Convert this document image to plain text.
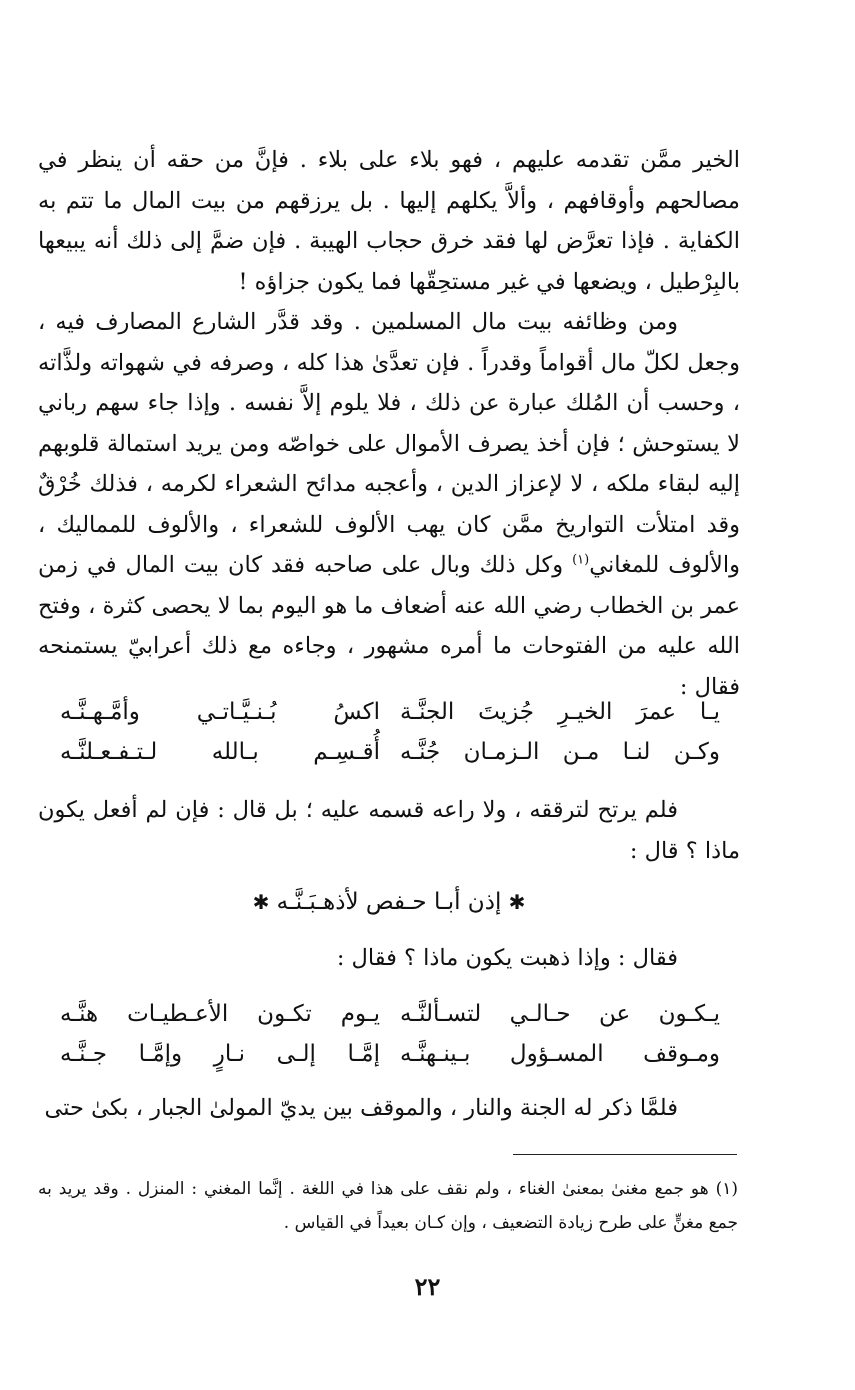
الخير ممَّن تقدمه عليهم ، فهو بلاء على بلاء . فإنَّ من حقه أن ينظر في مصالحهم وأوقافهم ، وألاَّ يكلهم إليها . بل يرزقهم من بيت المال ما تتم به الكفاية . فإذا تعرَّض لها فقد خرق حجاب الهيبة . فإن ضمَّ إلى ذلك أنه يبيعها بالبِرْطيل ، ويضعها في غير مستحِقّها فما يكون جزاؤه !

ومن وظائفه بيت مال المسلمين . وقد قدَّر الشارع المصارف فيه ، وجعل لكلّ مال أقواماً وقدراً . فإن تعدَّىٰ هذا كله ، وصرفه في شهواته ولذَّاته ، وحسب أن المُلك عبارة عن ذلك ، فلا يلوم إلاَّ نفسه . وإذا جاء سهم رباني لا يستوحش ؛ فإن أخذ يصرف الأموال على خواصّه ومن يريد استمالة قلوبهم إليه لبقاء ملكه ، لا لإعزاز الدين ، وأعجبه مدائح الشعراء لكرمه ، فذلك خُرْقٌ وقد امتلأت التواريخ ممَّن كان يهب الألوف للشعراء ، والألوف للمماليك ، والألوف للمغاني$^{(١)}$ وكل ذلك وبال على صاحبه فقد كان بيت المال في زمن عمر بن الخطاب رضي الله عنه أضعاف ما هو اليوم بما لا يحصى كثرة ، وفتح الله عليه من الفتوحات ما أمره مشهور ، وجاءه مع ذلك أعرابيّ يستمنحه فقال :

يـا عمرَ الخيـرِ جُزيتَ الجنَّـة
اكسُ بُـنـيَّـاتـي وأمَّـهـنَّـه
وكـن لنـا مـن الـزمـان جُنَّـه
أُقـسِـم بـالله لـتـفـعـلنَّـه

فلم يرتح لترققه ، ولا راعه قسمه عليه ؛ بل قال : فإن لم أفعل يكون ماذا ؟ قال :

✱ إذن أبـا حـفص لأذهـبَـنَّـه ✱

فقال : وإذا ذهبت يكون ماذا ؟ فقال :

يـكـون عن حـالـي لتسـألنَّـه
يـوم تكـون الأعـطيـات هنَّـه
ومـوقف المسـؤول بـينـهنَّـه
إمَّـا إلـى نـارٍ وإمَّـا جـنَّـه

فلمَّا ذكر له الجنة والنار ، والموقف بين يديّ المولىٰ الجبار ، بكىٰ حتى

(١) هو جمع مغنىٰ بمعنىٰ الغناء ، ولم نقف على هذا في اللغة . إنَّما المغني : المنزل . وقد يريد به جمع مغنٍّ على طرح زيادة التضعيف ، وإن كـان بعيداً في القياس .

٢٢
